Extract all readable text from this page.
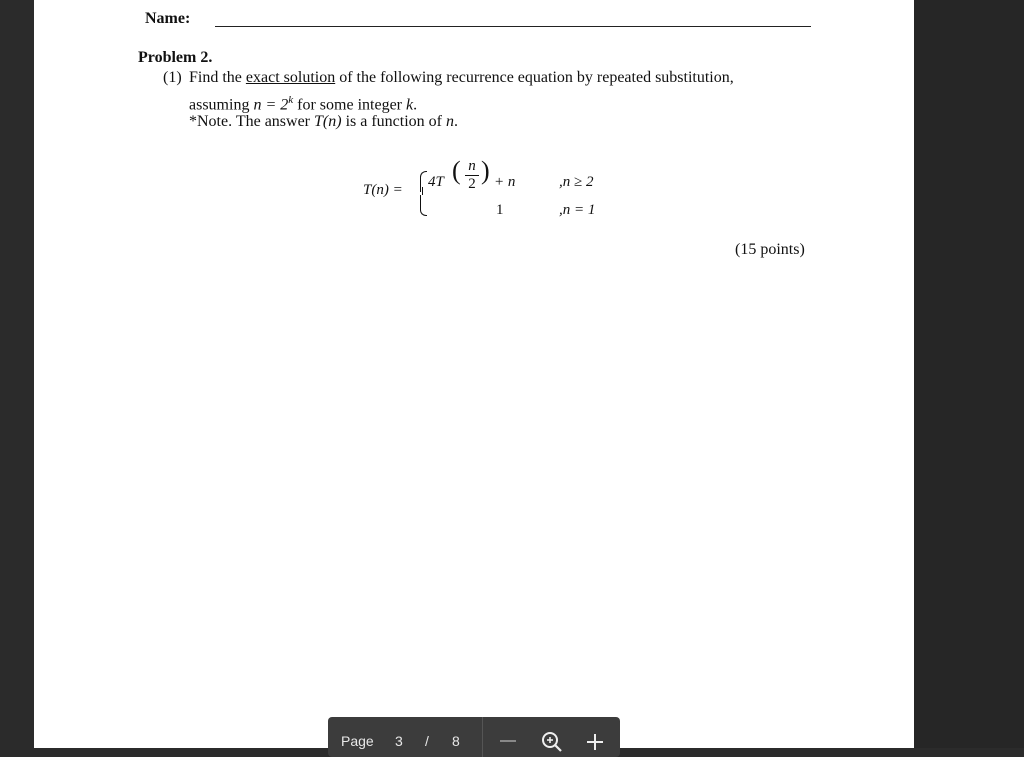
Name:
Problem 2.
(1) Find the exact solution of the following recurrence equation by repeated substitution,
assuming $n = 2^k$ for some integer k.
*Note. The answer T(n) is a function of n.
T(n) = 4T ( n
2 ) + n
1
,n ≥ 2
,n = 1
(15 points)
Page 3 / 8
